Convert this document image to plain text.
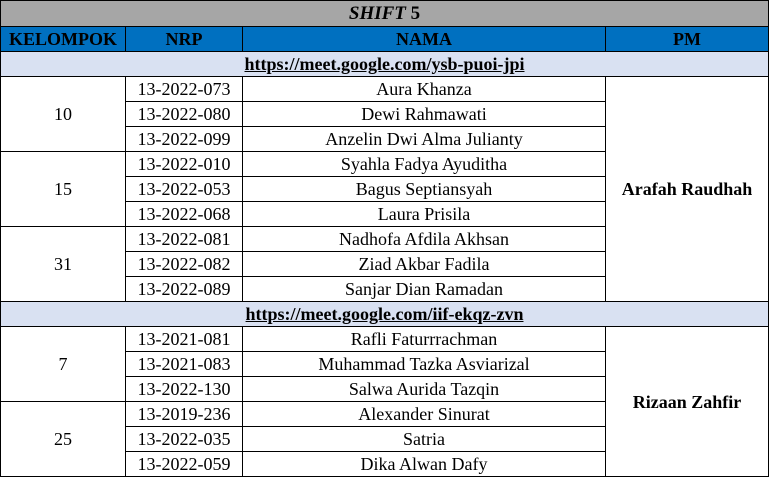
SHIFT 5			
KELOMPOK	NRP	NAMA	PM
https://meet.google.com/ysb-puoi-jpi			
10	13-2022-073	Aura Khanza	Arafah Raudhah
	13-2022-080	Dewi Rahmawati	
	13-2022-099	Anzelin Dwi Alma Julianty	
15	13-2022-010	Syahla Fadya Ayuditha	
	13-2022-053	Bagus Septiansyah	
	13-2022-068	Laura Prisila	
31	13-2022-081	Nadhofa Afdila Akhsan	
	13-2022-082	Ziad Akbar Fadila	
	13-2022-089	Sanjar Dian Ramadan	
https://meet.google.com/iif-ekqz-zvn			
7	13-2021-081	Rafli Faturrrachman	Rizaan Zahfir
	13-2021-083	Muhammad Tazka Asviarizal	
	13-2022-130	Salwa Aurida Tazqin	
25	13-2019-236	Alexander Sinurat	
	13-2022-035	Satria	
	13-2022-059	Dika Alwan Dafy	
